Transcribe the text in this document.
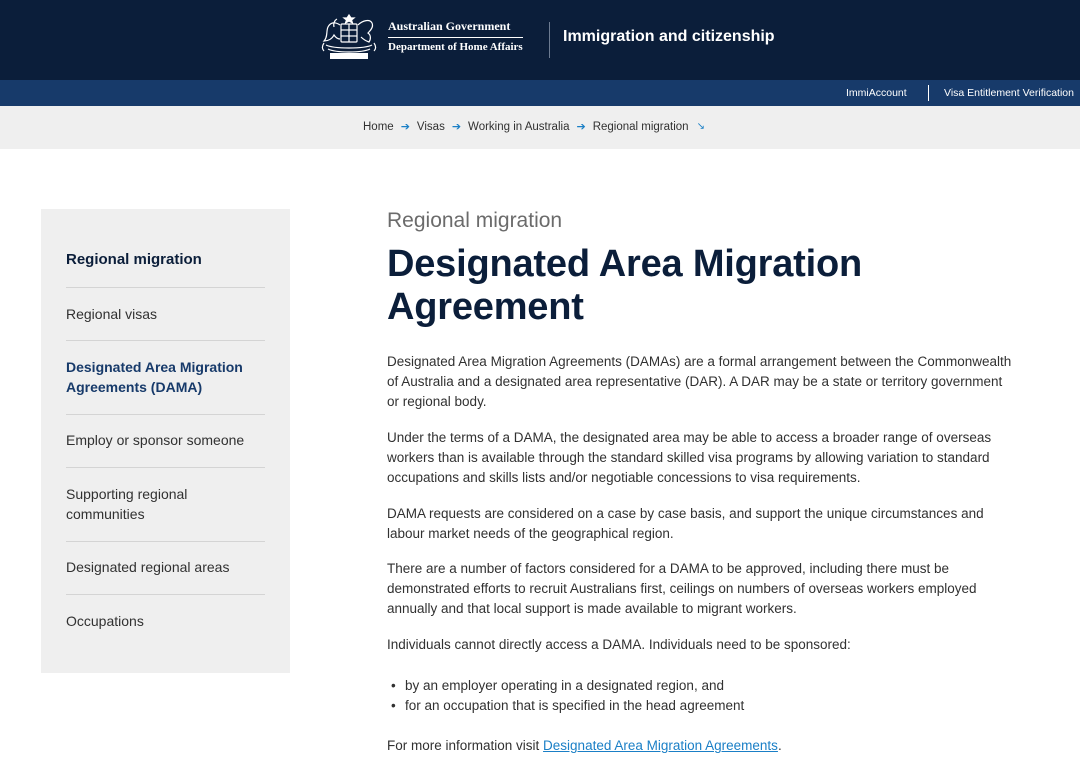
Australian Government
Department of Home Affairs
Immigration and citizenship
ImmiAccount	Visa Entitlement Verification
Home ➔ Visas ➔ Working in Australia ➔ Regional migration ↘
Regional migration
Regional visas
Designated Area Migration Agreements (DAMA)
Employ or sponsor someone
Supporting regional communities
Designated regional areas
Occupations
Regional migration
Designated Area Migration Agreement

Designated Area Migration Agreements (DAMAs) are a formal arrangement between the Commonwealth of Australia and a designated area representative (DAR). A DAR may be a state or territory government or regional body.

Under the terms of a DAMA, the designated area may be able to access a broader range of overseas workers than is available through the standard skilled visa programs by allowing variation to standard occupations and skills lists and/or negotiable concessions to visa requirements.

DAMA requests are considered on a case by case basis, and support the unique circumstances and labour market needs of the geographical region.

There are a number of factors considered for a DAMA to be approved, including there must be demonstrated efforts to recruit Australians first, ceilings on numbers of overseas workers employed annually and that local support is made available to migrant workers.

Individuals cannot directly access a DAMA. Individuals need to be sponsored:

• by an employer operating in a designated region, and
• for an occupation that is specified in the head agreement

For more information visit Designated Area Migration Agreements.
